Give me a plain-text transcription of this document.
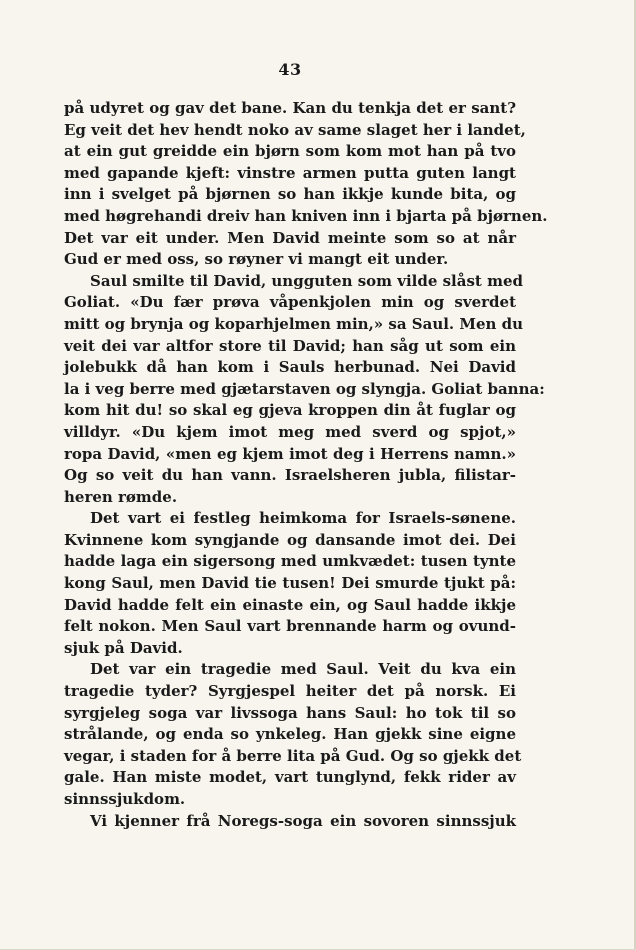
43
på udyret og gav det bane. Kan du tenkja det er sant?
Eg veit det hev hendt noko av same slaget her i landet,
at ein gut greidde ein bjørn som kom mot han på tvo
med gapande kjeft: vinstre armen putta guten langt
inn i svelget på bjørnen so han ikkje kunde bita, og
med høgrehandi dreiv han kniven inn i bjarta på bjørnen.
Det var eit under. Men David meinte som so at når
Gud er med oss, so røyner vi mangt eit under.
Saul smilte til David, ungguten som vilde slåst med
Goliat. «Du fær prøva våpenkjolen min og sverdet
mitt og brynja og koparhjelmen min,» sa Saul. Men du
veit dei var altfor store til David; han såg ut som ein
jolebukk då han kom i Sauls herbunad. Nei David
la i veg berre med gjætarstaven og slyngja. Goliat banna:
kom hit du! so skal eg gjeva kroppen din åt fuglar og
villdyr. «Du kjem imot meg med sverd og spjot,»
ropa David, «men eg kjem imot deg i Herrens namn.»
Og so veit du han vann. Israelsheren jubla, filistar-
heren rømde.
Det vart ei festleg heimkoma for Israels-sønene.
Kvinnene kom syngjande og dansande imot dei. Dei
hadde laga ein sigersong med umkvædet: tusen tynte
kong Saul, men David tie tusen! Dei smurde tjukt på:
David hadde felt ein einaste ein, og Saul hadde ikkje
felt nokon. Men Saul vart brennande harm og ovund-
sjuk på David.
Det var ein tragedie med Saul. Veit du kva ein
tragedie tyder? Syrgjespel heiter det på norsk. Ei
syrgjeleg soga var livssoga hans Saul: ho tok til so
strålande, og enda so ynkeleg. Han gjekk sine eigne
vegar, i staden for å berre lita på Gud. Og so gjekk det
gale. Han miste modet, vart tunglynd, fekk rider av
sinnssjukdom.
Vi kjenner frå Noregs-soga ein sovoren sinnssjuk
